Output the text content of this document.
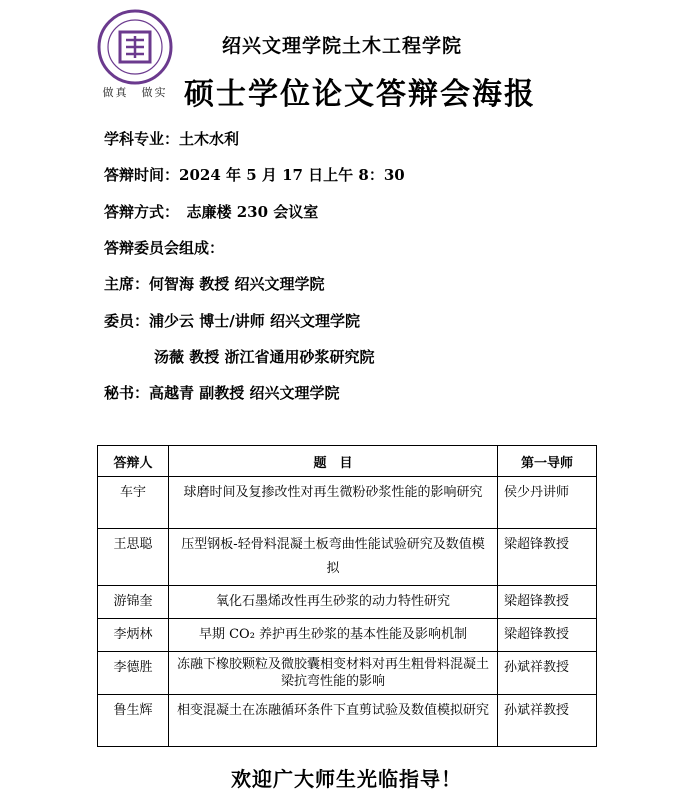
做真　做实
绍兴文理学院土木工程学院
硕士学位论文答辩会海报
学科专业：土木水利
答辩时间：2024 年 5 月 17 日上午 8：30
答辩方式：　志廉楼 230 会议室
答辩委员会组成：
主席：何智海 教授 绍兴文理学院
委员：浦少云 博士/讲师 绍兴文理学院
汤薇 教授 浙江省通用砂浆研究院
秘书：高越青 副教授 绍兴文理学院
答辩人	题　目	第一导师
车宇	球磨时间及复掺改性对再生微粉砂浆性能的影响研究	侯少丹讲师
王思聪	压型钢板-轻骨料混凝土板弯曲性能试验研究及数值模拟	梁超锋教授
游锦奎	氧化石墨烯改性再生砂浆的动力特性研究	梁超锋教授
李炳林	早期 CO₂ 养护再生砂浆的基本性能及影响机制	梁超锋教授
李德胜	冻融下橡胶颗粒及微胶囊相变材料对再生粗骨料混凝土梁抗弯性能的影响	孙斌祥教授
鲁生辉	相变混凝土在冻融循环条件下直剪试验及数值模拟研究	孙斌祥教授
欢迎广大师生光临指导！
